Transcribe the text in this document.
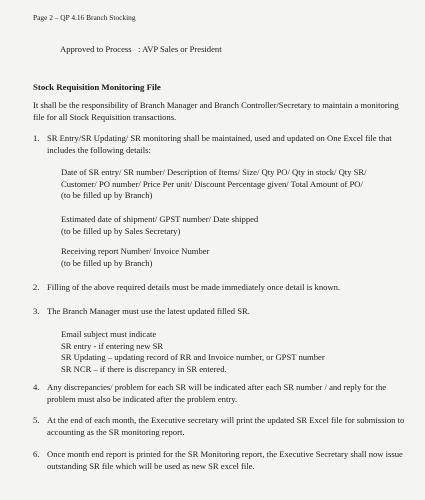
Page 2 – QP 4.16 Branch Stocking
Approved to Process   : AVP Sales or President
Stock Requisition Monitoring File
It shall be the responsibility of Branch Manager and Branch Controller/Secretary to maintain a monitoring file for all Stock Requisition transactions.
1. SR Entry/SR Updating/ SR monitoring shall be maintained, used and updated on One Excel file that includes the following details:
Date of SR entry/ SR number/ Description of Items/ Size/ Qty PO/ Qty in stock/ Qty SR/
Customer/ PO number/ Price Per unit/ Discount Percentage given/ Total Amount of PO/
(to be filled up by Branch)
Estimated date of shipment/ GPST number/ Date shipped
(to be filled up by Sales Secretary)
Receiving report Number/ Invoice Number
(to be filled up by Branch)
2. Filling of the above required details must be made immediately once detail is known.
3. The Branch Manager must use the latest updated filled SR.
Email subject must indicate
SR entry - if entering new SR
SR Updating – updating record of RR and Invoice number, or GPST number
SR NCR – if there is discrepancy in SR entered.
4. Any discrepancies/ problem for each SR will be indicated after each SR number / and reply for the problem must also be indicated after the problem entry.
5. At the end of each month, the Executive secretary will print the updated SR Excel file for submission to accounting as the SR monitoring report.
6. Once month end report is printed for the SR Monitoring report, the Executive Secretary shall now issue outstanding SR file which will be used as new SR excel file.
